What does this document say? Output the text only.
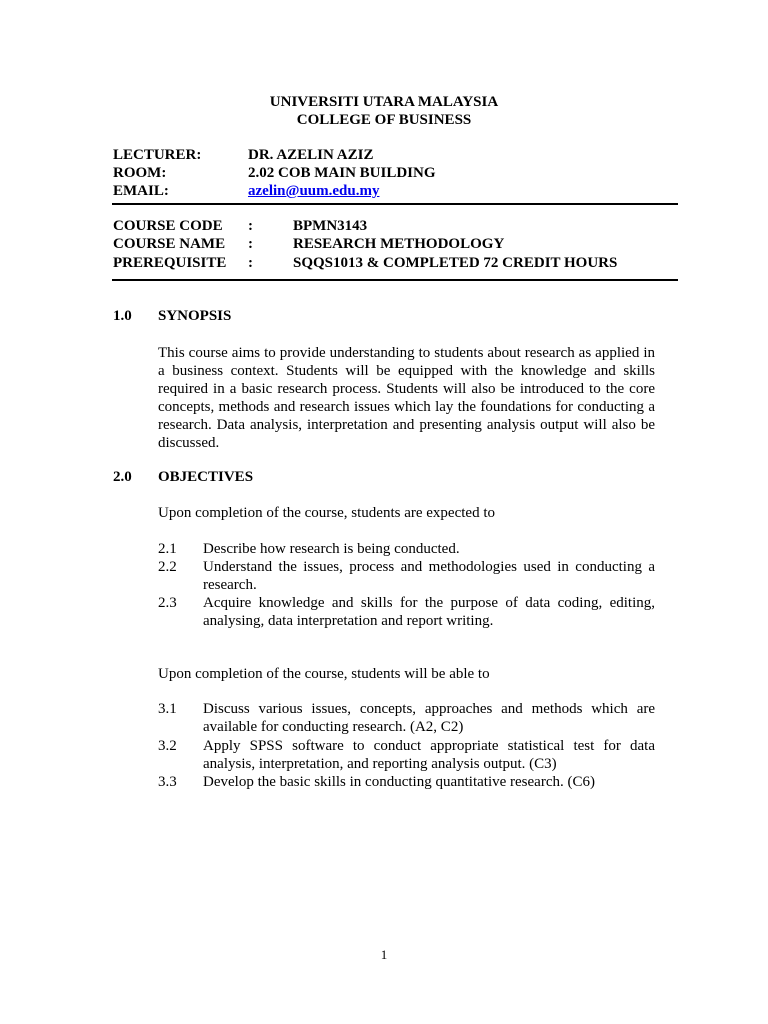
UNIVERSITI UTARA MALAYSIA
COLLEGE OF BUSINESS
LECTURER:	DR. AZELIN AZIZ
ROOM:	2.02 COB MAIN BUILDING
EMAIL:	azelin@uum.edu.my
COURSE CODE :	BPMN3143
COURSE NAME :	RESEARCH METHODOLOGY
PREREQUISITE :	SQQS1013 & COMPLETED 72 CREDIT HOURS
1.0 SYNOPSIS
This course aims to provide understanding to students about research as applied in a business context. Students will be equipped with the knowledge and skills required in a basic research process. Students will also be introduced to the core concepts, methods and research issues which lay the foundations for conducting a research. Data analysis, interpretation and presenting analysis output will also be discussed.
2.0 OBJECTIVES
Upon completion of the course, students are expected to
2.1 Describe how research is being conducted.
2.2 Understand the issues, process and methodologies used in conducting a research.
2.3 Acquire knowledge and skills for the purpose of data coding, editing, analysing, data interpretation and report writing.
Upon completion of the course, students will be able to
3.1 Discuss various issues, concepts, approaches and methods which are available for conducting research. (A2, C2)
3.2 Apply SPSS software to conduct appropriate statistical test for data analysis, interpretation, and reporting analysis output. (C3)
3.3 Develop the basic skills in conducting quantitative research. (C6)
1
